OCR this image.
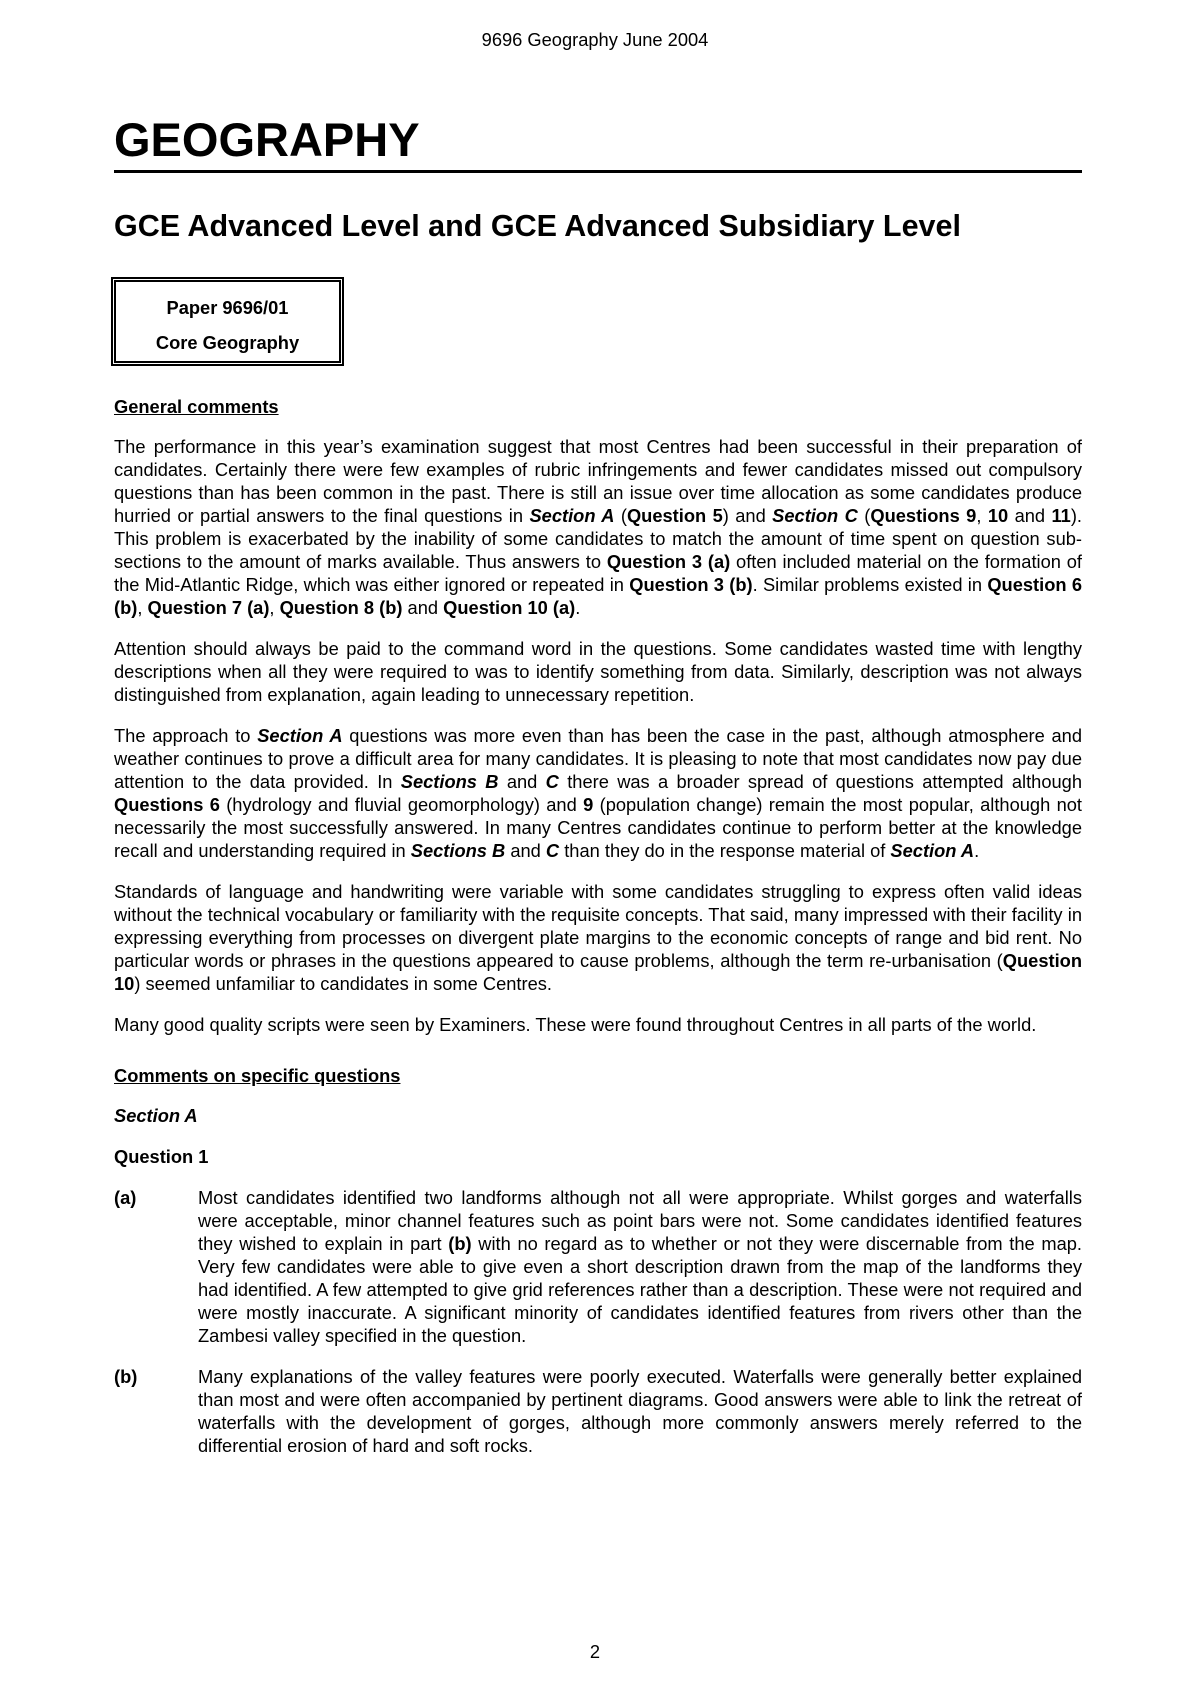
9696 Geography June 2004
GEOGRAPHY
GCE Advanced Level and GCE Advanced Subsidiary Level
Paper 9696/01
Core Geography
General comments

The performance in this year’s examination suggest that most Centres had been successful in their preparation of candidates. Certainly there were few examples of rubric infringements and fewer candidates missed out compulsory questions than has been common in the past. There is still an issue over time allocation as some candidates produce hurried or partial answers to the final questions in Section A (Question 5) and Section C (Questions 9, 10 and 11). This problem is exacerbated by the inability of some candidates to match the amount of time spent on question sub-sections to the amount of marks available. Thus answers to Question 3 (a) often included material on the formation of the Mid-Atlantic Ridge, which was either ignored or repeated in Question 3 (b). Similar problems existed in Question 6 (b), Question 7 (a), Question 8 (b) and Question 10 (a).

Attention should always be paid to the command word in the questions. Some candidates wasted time with lengthy descriptions when all they were required to was to identify something from data. Similarly, description was not always distinguished from explanation, again leading to unnecessary repetition.

The approach to Section A questions was more even than has been the case in the past, although atmosphere and weather continues to prove a difficult area for many candidates. It is pleasing to note that most candidates now pay due attention to the data provided. In Sections B and C there was a broader spread of questions attempted although Questions 6 (hydrology and fluvial geomorphology) and 9 (population change) remain the most popular, although not necessarily the most successfully answered. In many Centres candidates continue to perform better at the knowledge recall and understanding required in Sections B and C than they do in the response material of Section A.

Standards of language and handwriting were variable with some candidates struggling to express often valid ideas without the technical vocabulary or familiarity with the requisite concepts. That said, many impressed with their facility in expressing everything from processes on divergent plate margins to the economic concepts of range and bid rent. No particular words or phrases in the questions appeared to cause problems, although the term re-urbanisation (Question 10) seemed unfamiliar to candidates in some Centres.

Many good quality scripts were seen by Examiners. These were found throughout Centres in all parts of the world.

Comments on specific questions
Section A
Question 1
(a)	Most candidates identified two landforms although not all were appropriate. Whilst gorges and waterfalls were acceptable, minor channel features such as point bars were not. Some candidates identified features they wished to explain in part (b) with no regard as to whether or not they were discernable from the map. Very few candidates were able to give even a short description drawn from the map of the landforms they had identified. A few attempted to give grid references rather than a description. These were not required and were mostly inaccurate. A significant minority of candidates identified features from rivers other than the Zambesi valley specified in the question.
(b)	Many explanations of the valley features were poorly executed. Waterfalls were generally better explained than most and were often accompanied by pertinent diagrams. Good answers were able to link the retreat of waterfalls with the development of gorges, although more commonly answers merely referred to the differential erosion of hard and soft rocks.
2
